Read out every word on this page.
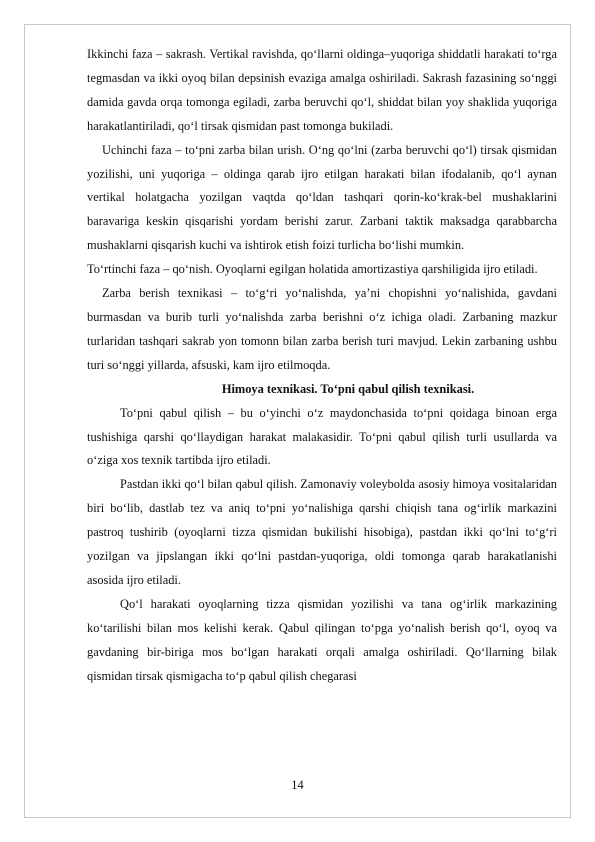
Ikkinchi faza – sakrash. Vertikal ravishda, qo‘llarni oldinga–yuqoriga shiddatli harakati to‘rga tegmasdan va ikki oyoq bilan depsinish evaziga amalga oshiriladi. Sakrash fazasining so‘nggi damida gavda orqa tomonga egiladi, zarba beruvchi qo‘l, shiddat bilan yoy shaklida yuqoriga harakatlantiriladi, qo‘l tirsak qismidan past tomonga bukiladi.

Uchinchi faza – to‘pni zarba bilan urish. O‘ng qo‘lni (zarba beruvchi qo‘l) tirsak qismidan yozilishi, uni yuqoriga – oldinga qarab ijro etilgan harakati bilan ifodalanib, qo‘l aynan vertikal holatgacha yozilgan vaqtda qo‘ldan tashqari qorin-ko‘krak-bel mushaklarini baravariga keskin qisqarishi yordam berishi zarur. Zarbani taktik maksadga qarabbarcha mushaklarni qisqarish kuchi va ishtirok etish foizi turlicha bo‘lishi mumkin.

To‘rtinchi faza – qo‘nish. Oyoqlarni egilgan holatida amortizastiya qarshiligida ijro etiladi.

Zarba berish texnikasi – to‘g‘ri yo‘nalishda, ya’ni chopishni yo‘nalishida, gavdani burmasdan va burib turli yo‘nalishda zarba berishni o‘z ichiga oladi. Zarbaning mazkur turlaridan tashqari sakrab yon tomonn bilan zarba berish turi mavjud. Lekin zarbaning ushbu turi so‘nggi yillarda, afsuski, kam ijro etilmoqda.

Himoya texnikasi. To‘pni qabul qilish texnikasi.

To‘pni qabul qilish – bu o‘yinchi o‘z maydonchasida to‘pni qoidaga binoan erga tushishiga qarshi qo‘llaydigan harakat malakasidir. To‘pni qabul qilish turli usullarda va o‘ziga xos texnik tartibda ijro etiladi.

Pastdan ikki qo‘l bilan qabul qilish. Zamonaviy voleybolda asosiy himoya vositalaridan biri bo‘lib, dastlab tez va aniq to‘pni yo‘nalishiga qarshi chiqish tana og‘irlik markazini pastroq tushirib (oyoqlarni tizza qismidan bukilishi hisobiga), pastdan ikki qo‘lni to‘g‘ri yozilgan va jipslangan ikki qo‘lni pastdan-yuqoriga, oldi tomonga qarab harakatlanishi asosida ijro etiladi.

Qo‘l harakati oyoqlarning tizza qismidan yozilishi va tana og‘irlik markazining ko‘tarilishi bilan mos kelishi kerak. Qabul qilingan to‘pga yo‘nalish berish qo‘l, oyoq va gavdaning bir-biriga mos bo‘lgan harakati orqali amalga oshiriladi. Qo‘llarning bilak qismidan tirsak qismigacha to‘p qabul qilish chegarasi

14
